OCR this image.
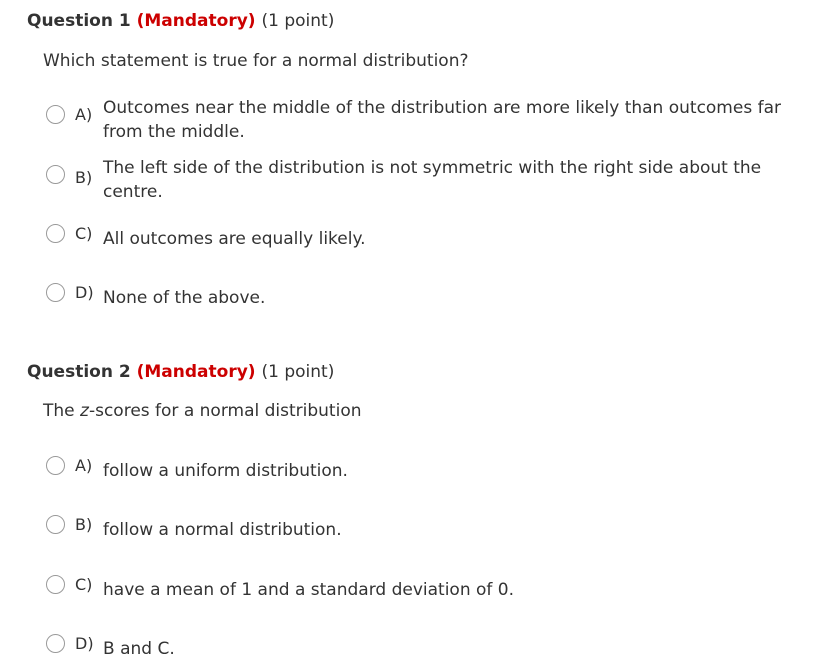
Question 1 (Mandatory) (1 point)
Which statement is true for a normal distribution?
A) Outcomes near the middle of the distribution are more likely than outcomes far from the middle.
B) The left side of the distribution is not symmetric with the right side about the centre.
C) All outcomes are equally likely.
D) None of the above.
Question 2 (Mandatory) (1 point)
The z-scores for a normal distribution
A) follow a uniform distribution.
B) follow a normal distribution.
C) have a mean of 1 and a standard deviation of 0.
D) B and C.
